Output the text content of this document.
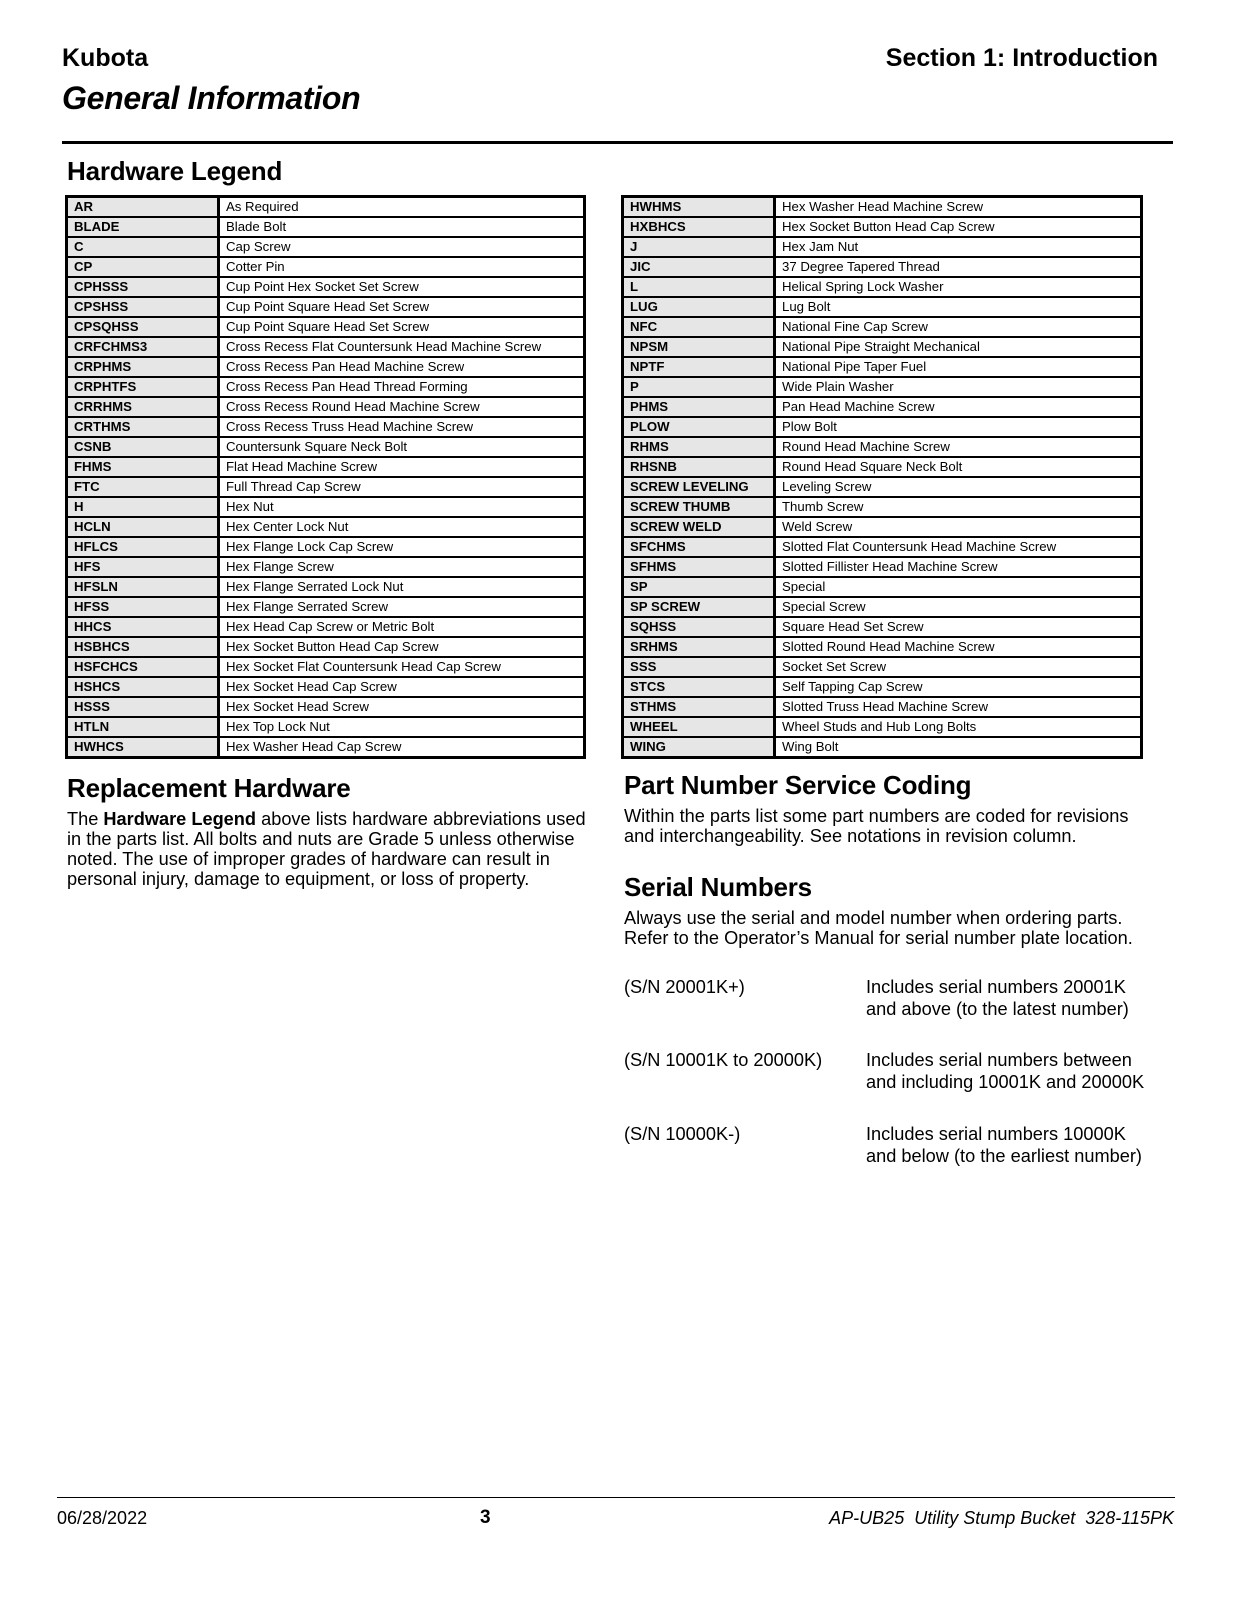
Kubota	Section 1: Introduction
General Information
Hardware Legend
AR	As Required
BLADE	Blade Bolt
C	Cap Screw
CP	Cotter Pin
CPHSSS	Cup Point Hex Socket Set Screw
CPSHSS	Cup Point Square Head Set Screw
CPSQHSS	Cup Point Square Head Set Screw
CRFCHMS3	Cross Recess Flat Countersunk Head Machine Screw
CRPHMS	Cross Recess Pan Head Machine Screw
CRPHTFS	Cross Recess Pan Head Thread Forming
CRRHMS	Cross Recess Round Head Machine Screw
CRTHMS	Cross Recess Truss Head Machine Screw
CSNB	Countersunk Square Neck Bolt
FHMS	Flat Head Machine Screw
FTC	Full Thread Cap Screw
H	Hex Nut
HCLN	Hex Center Lock Nut
HFLCS	Hex Flange Lock Cap Screw
HFS	Hex Flange Screw
HFSLN	Hex Flange Serrated Lock Nut
HFSS	Hex Flange Serrated Screw
HHCS	Hex Head Cap Screw or Metric Bolt
HSBHCS	Hex Socket Button Head Cap Screw
HSFCHCS	Hex Socket Flat Countersunk Head Cap Screw
HSHCS	Hex Socket Head Cap Screw
HSSS	Hex Socket Head Screw
HTLN	Hex Top Lock Nut
HWHCS	Hex Washer Head Cap Screw
HWHMS	Hex Washer Head Machine Screw
HXBHCS	Hex Socket Button Head Cap Screw
J	Hex Jam Nut
JIC	37 Degree Tapered Thread
L	Helical Spring Lock Washer
LUG	Lug Bolt
NFC	National Fine Cap Screw
NPSM	National Pipe Straight Mechanical
NPTF	National Pipe Taper Fuel
P	Wide Plain Washer
PHMS	Pan Head Machine Screw
PLOW	Plow Bolt
RHMS	Round Head Machine Screw
RHSNB	Round Head Square Neck Bolt
SCREW LEVELING	Leveling Screw
SCREW THUMB	Thumb Screw
SCREW WELD	Weld Screw
SFCHMS	Slotted Flat Countersunk Head Machine Screw
SFHMS	Slotted Fillister Head Machine Screw
SP	Special
SP SCREW	Special Screw
SQHSS	Square Head Set Screw
SRHMS	Slotted Round Head Machine Screw
SSS	Socket Set Screw
STCS	Self Tapping Cap Screw
STHMS	Slotted Truss Head Machine Screw
WHEEL	Wheel Studs and Hub Long Bolts
WING	Wing Bolt
Replacement Hardware
The Hardware Legend above lists hardware abbreviations used in the parts list. All bolts and nuts are Grade 5 unless otherwise noted. The use of improper grades of hardware can result in personal injury, damage to equipment, or loss of property.
Part Number Service Coding
Within the parts list some part numbers are coded for revisions and interchangeability. See notations in revision column.
Serial Numbers
Always use the serial and model number when ordering parts. Refer to the Operator’s Manual for serial number plate location.
(S/N 20001K+)	Includes serial numbers 20001K and above (to the latest number)
(S/N 10001K to 20000K) Includes serial numbers between and including 10001K and 20000K
(S/N 10000K-)	Includes serial numbers 10000K and below (to the earliest number)
06/28/2022	3	AP-UB25  Utility Stump Bucket  328-115PK
